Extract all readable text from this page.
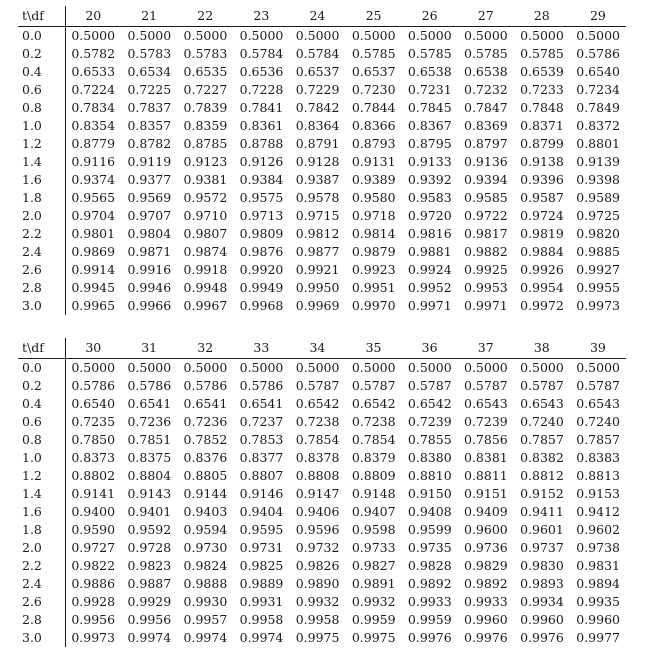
t\df	20	21	22	23	24	25	26	27	28	29
0.0	0.5000	0.5000	0.5000	0.5000	0.5000	0.5000	0.5000	0.5000	0.5000	0.5000
0.2	0.5782	0.5783	0.5783	0.5784	0.5784	0.5785	0.5785	0.5785	0.5785	0.5786
0.4	0.6533	0.6534	0.6535	0.6536	0.6537	0.6537	0.6538	0.6538	0.6539	0.6540
0.6	0.7224	0.7225	0.7227	0.7228	0.7229	0.7230	0.7231	0.7232	0.7233	0.7234
0.8	0.7834	0.7837	0.7839	0.7841	0.7842	0.7844	0.7845	0.7847	0.7848	0.7849
1.0	0.8354	0.8357	0.8359	0.8361	0.8364	0.8366	0.8367	0.8369	0.8371	0.8372
1.2	0.8779	0.8782	0.8785	0.8788	0.8791	0.8793	0.8795	0.8797	0.8799	0.8801
1.4	0.9116	0.9119	0.9123	0.9126	0.9128	0.9131	0.9133	0.9136	0.9138	0.9139
1.6	0.9374	0.9377	0.9381	0.9384	0.9387	0.9389	0.9392	0.9394	0.9396	0.9398
1.8	0.9565	0.9569	0.9572	0.9575	0.9578	0.9580	0.9583	0.9585	0.9587	0.9589
2.0	0.9704	0.9707	0.9710	0.9713	0.9715	0.9718	0.9720	0.9722	0.9724	0.9725
2.2	0.9801	0.9804	0.9807	0.9809	0.9812	0.9814	0.9816	0.9817	0.9819	0.9820
2.4	0.9869	0.9871	0.9874	0.9876	0.9877	0.9879	0.9881	0.9882	0.9884	0.9885
2.6	0.9914	0.9916	0.9918	0.9920	0.9921	0.9923	0.9924	0.9925	0.9926	0.9927
2.8	0.9945	0.9946	0.9948	0.9949	0.9950	0.9951	0.9952	0.9953	0.9954	0.9955
3.0	0.9965	0.9966	0.9967	0.9968	0.9969	0.9970	0.9971	0.9971	0.9972	0.9973
t\df	30	31	32	33	34	35	36	37	38	39
0.0	0.5000	0.5000	0.5000	0.5000	0.5000	0.5000	0.5000	0.5000	0.5000	0.5000
0.2	0.5786	0.5786	0.5786	0.5786	0.5787	0.5787	0.5787	0.5787	0.5787	0.5787
0.4	0.6540	0.6541	0.6541	0.6541	0.6542	0.6542	0.6542	0.6543	0.6543	0.6543
0.6	0.7235	0.7236	0.7236	0.7237	0.7238	0.7238	0.7239	0.7239	0.7240	0.7240
0.8	0.7850	0.7851	0.7852	0.7853	0.7854	0.7854	0.7855	0.7856	0.7857	0.7857
1.0	0.8373	0.8375	0.8376	0.8377	0.8378	0.8379	0.8380	0.8381	0.8382	0.8383
1.2	0.8802	0.8804	0.8805	0.8807	0.8808	0.8809	0.8810	0.8811	0.8812	0.8813
1.4	0.9141	0.9143	0.9144	0.9146	0.9147	0.9148	0.9150	0.9151	0.9152	0.9153
1.6	0.9400	0.9401	0.9403	0.9404	0.9406	0.9407	0.9408	0.9409	0.9411	0.9412
1.8	0.9590	0.9592	0.9594	0.9595	0.9596	0.9598	0.9599	0.9600	0.9601	0.9602
2.0	0.9727	0.9728	0.9730	0.9731	0.9732	0.9733	0.9735	0.9736	0.9737	0.9738
2.2	0.9822	0.9823	0.9824	0.9825	0.9826	0.9827	0.9828	0.9829	0.9830	0.9831
2.4	0.9886	0.9887	0.9888	0.9889	0.9890	0.9891	0.9892	0.9892	0.9893	0.9894
2.6	0.9928	0.9929	0.9930	0.9931	0.9932	0.9932	0.9933	0.9933	0.9934	0.9935
2.8	0.9956	0.9956	0.9957	0.9958	0.9958	0.9959	0.9959	0.9960	0.9960	0.9960
3.0	0.9973	0.9974	0.9974	0.9974	0.9975	0.9975	0.9976	0.9976	0.9976	0.9977
